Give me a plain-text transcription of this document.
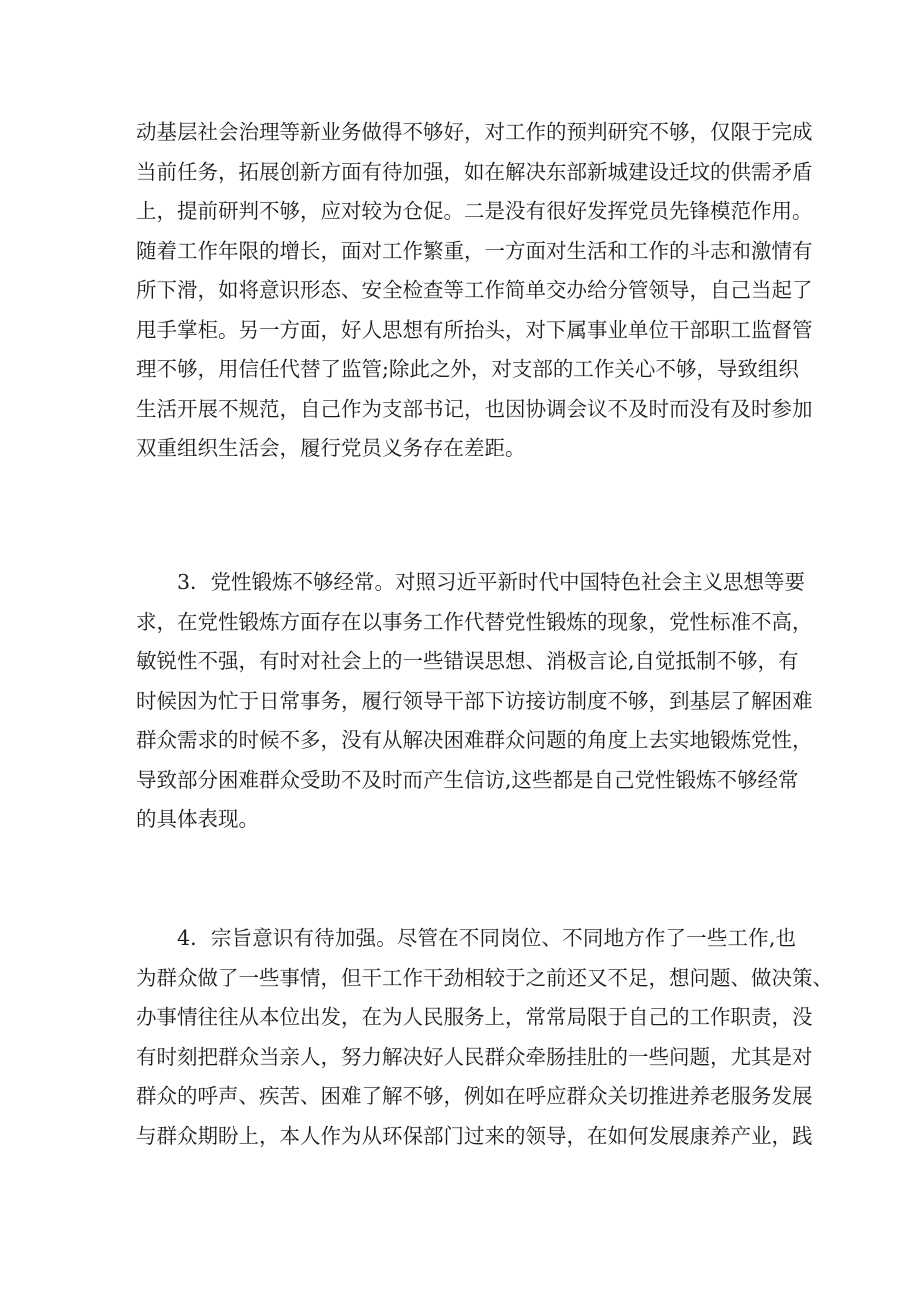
动基层社会治理等新业务做得不够好，对工作的预判研究不够，仅限于完成
当前任务，拓展创新方面有待加强，如在解决东部新城建设迁坟的供需矛盾
上，提前研判不够，应对较为仓促。二是没有很好发挥党员先锋模范作用。
随着工作年限的增长，面对工作繁重，一方面对生活和工作的斗志和激情有
所下滑，如将意识形态、安全检查等工作简单交办给分管领导，自己当起了
甩手掌柜。另一方面，好人思想有所抬头，对下属事业单位干部职工监督管
理不够，用信任代替了监管;除此之外，对支部的工作关心不够，导致组织
生活开展不规范，自己作为支部书记，也因协调会议不及时而没有及时参加
双重组织生活会，履行党员义务存在差距。
3．党性锻炼不够经常。对照习近平新时代中国特色社会主义思想等要
求，在党性锻炼方面存在以事务工作代替党性锻炼的现象，党性标准不高，
敏锐性不强，有时对社会上的一些错误思想、消极言论,自觉抵制不够，有
时候因为忙于日常事务，履行领导干部下访接访制度不够，到基层了解困难
群众需求的时候不多，没有从解决困难群众问题的角度上去实地锻炼党性，
导致部分困难群众受助不及时而产生信访,这些都是自己党性锻炼不够经常
的具体表现。
4．宗旨意识有待加强。尽管在不同岗位、不同地方作了一些工作,也
为群众做了一些事情，但干工作干劲相较于之前还又不足，想问题、做决策、
办事情往往从本位出发，在为人民服务上，常常局限于自己的工作职责，没
有时刻把群众当亲人，努力解决好人民群众牵肠挂肚的一些问题，尤其是对
群众的呼声、疾苦、困难了解不够，例如在呼应群众关切推进养老服务发展
与群众期盼上，本人作为从环保部门过来的领导，在如何发展康养产业，践
